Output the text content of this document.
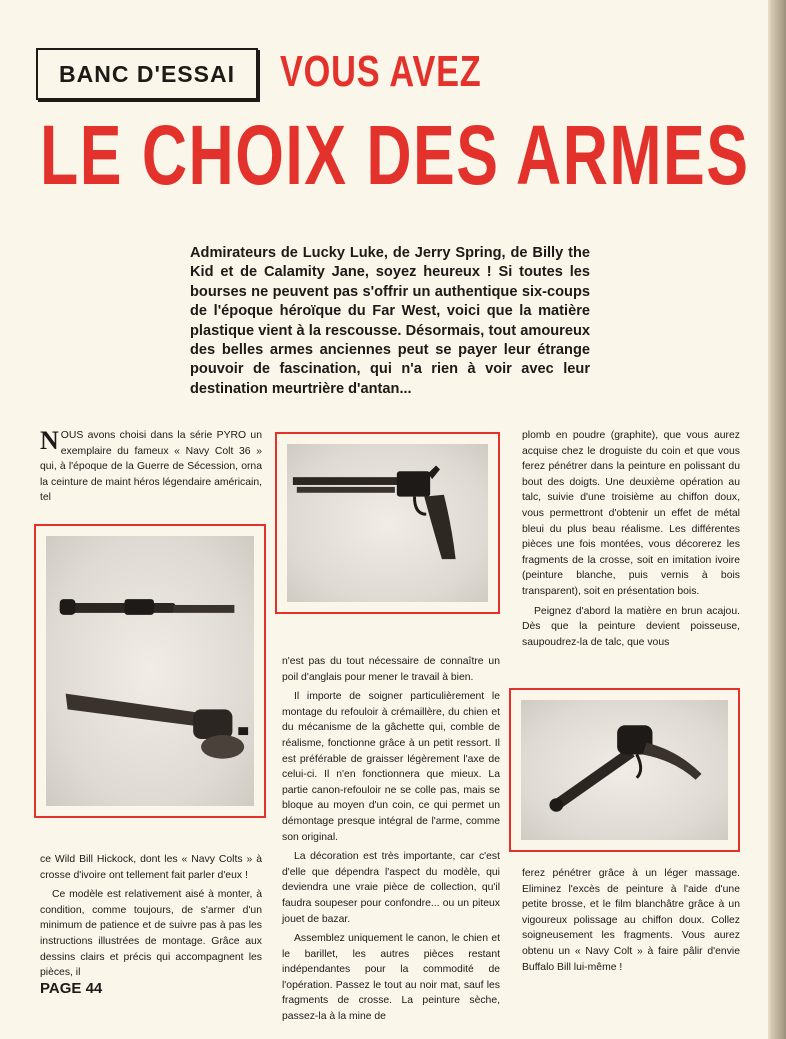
BANC D'ESSAI	VOUS AVEZ
LE CHOIX DES ARMES

Admirateurs de Lucky Luke, de Jerry Spring, de Billy the Kid et de Calamity Jane, soyez heureux ! Si toutes les bourses ne peuvent pas s'offrir un authentique six-coups de l'époque héroïque du Far West, voici que la matière plastique vient à la rescousse. Désormais, tout amoureux des belles armes anciennes peut se payer leur étrange pouvoir de fascination, qui n'a rien à voir avec leur destination meurtrière d'antan...

NOUS avons choisi dans la série PYRO un exemplaire du fameux « Navy Colt 36 » qui, à l'époque de la Guerre de Sécession, orna la ceinture de maint héros légendaire américain, tel

ce Wild Bill Hickock, dont les « Navy Colts » à crosse d'ivoire ont tellement fait parler d'eux !

Ce modèle est relativement aisé à monter, à condition, comme toujours, de s'armer d'un minimum de patience et de suivre pas à pas les instructions illustrées de montage. Grâce aux dessins clairs et précis qui accompagnent les pièces, il

n'est pas du tout nécessaire de connaître un poil d'anglais pour mener le travail à bien.

Il importe de soigner particulièrement le montage du refouloir à crémaillère, du chien et du mécanisme de la gâchette qui, comble de réalisme, fonctionne grâce à un petit ressort. Il est préférable de graisser légèrement l'axe de celui-ci. Il n'en fonctionnera que mieux. La partie canon-refouloir ne se colle pas, mais se bloque au moyen d'un coin, ce qui permet un démontage presque intégral de l'arme, comme son original.

La décoration est très importante, car c'est d'elle que dépendra l'aspect du modèle, qui deviendra une vraie pièce de collection, qu'il faudra soupeser pour confondre... ou un piteux jouet de bazar.

Assemblez uniquement le canon, le chien et le barillet, les autres pièces restant indépendantes pour la commodité de l'opération. Passez le tout au noir mat, sauf les fragments de crosse. La peinture sèche, passez-la à la mine de

plomb en poudre (graphite), que vous aurez acquise chez le droguiste du coin et que vous ferez pénétrer dans la peinture en polissant du bout des doigts. Une deuxième opération au talc, suivie d'une troisième au chiffon doux, vous permettront d'obtenir un effet de métal bleui du plus beau réalisme. Les différentes pièces une fois montées, vous décorerez les fragments de la crosse, soit en imitation ivoire (peinture blanche, puis vernis à bois transparent), soit en présentation bois.

Peignez d'abord la matière en brun acajou. Dès que la peinture devient poisseuse, saupoudrez-la de talc, que vous

ferez pénétrer grâce à un léger massage. Eliminez l'excès de peinture à l'aide d'une petite brosse, et le film blanchâtre grâce à un vigoureux polissage au chiffon doux. Collez soigneusement les fragments. Vous aurez obtenu un « Navy Colt » à faire pâlir d'envie Buffalo Bill lui-même !

PAGE 44
